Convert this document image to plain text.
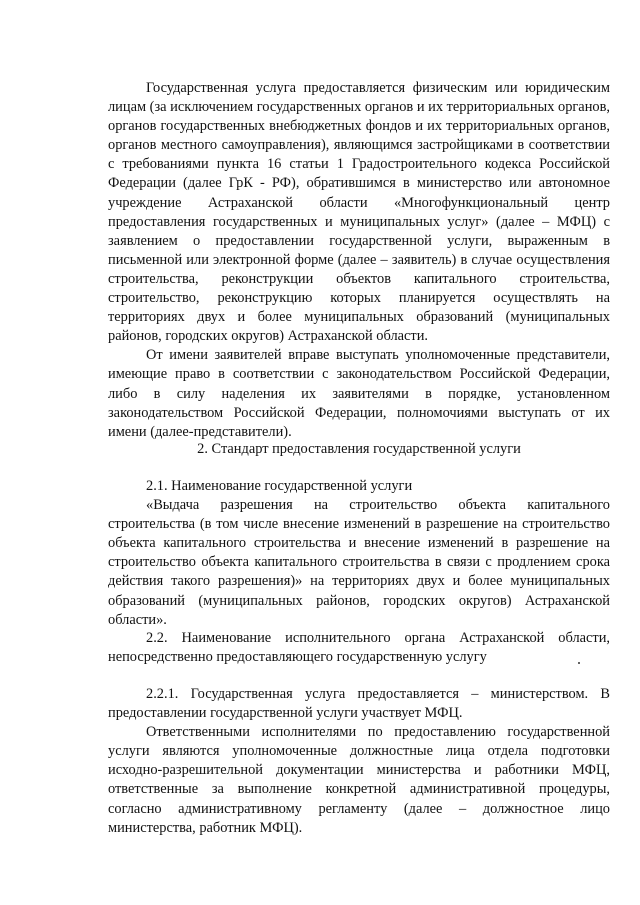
Государственная услуга предоставляется физическим или юридическим лицам (за исключением государственных органов и их территориальных органов, органов государственных внебюджетных фондов и их территориальных органов, органов местного самоуправления), являющимся застройщиками в соответствии с требованиями пункта 16 статьи 1 Градостроительного кодекса Российской Федерации (далее ГрК - РФ), обратившимся в министерство или автономное учреждение Астраханской области «Многофункциональный центр предоставления государственных и муниципальных услуг» (далее – МФЦ) с заявлением о предоставлении государственной услуги, выраженным в письменной или электронной форме (далее – заявитель) в случае осуществления строительства, реконструкции объектов капитального строительства, строительство, реконструкцию которых планируется осуществлять на территориях двух и более муниципальных образований (муниципальных районов, городских округов) Астраханской области.

От имени заявителей вправе выступать уполномоченные представители, имеющие право в соответствии с законодательством Российской Федерации, либо в силу наделения их заявителями в порядке, установленном законодательством Российской Федерации, полномочиями выступать от их имени (далее-представители).

2. Стандарт предоставления государственной услуги

2.1. Наименование государственной услуги

«Выдача разрешения на строительство объекта капитального строительства (в том числе внесение изменений в разрешение на строительство объекта капитального строительства и внесение изменений в разрешение на строительство объекта капитального строительства в связи с продлением срока действия такого разрешения)» на территориях двух и более муниципальных образований (муниципальных районов, городских округов) Астраханской области».

2.2. Наименование исполнительного органа Астраханской области, непосредственно предоставляющего государственную услугу

2.2.1. Государственная услуга предоставляется – министерством. В предоставлении государственной услуги участвует МФЦ.

Ответственными исполнителями по предоставлению государственной услуги являются уполномоченные должностные лица отдела подготовки исходно-разрешительной документации министерства и работники МФЦ, ответственные за выполнение конкретной административной процедуры, согласно административному регламенту (далее – должностное лицо министерства, работник МФЦ).
